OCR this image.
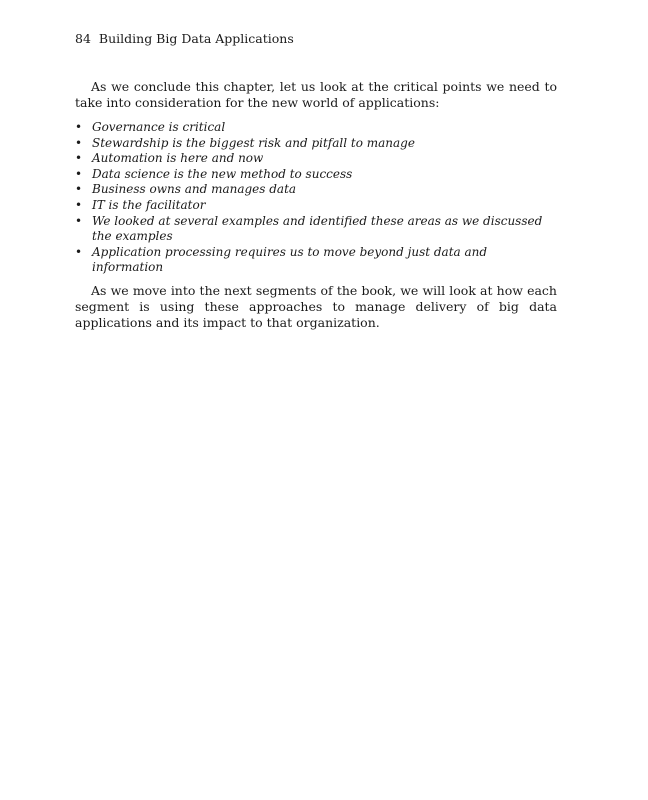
84 Building Big Data Applications

As we conclude this chapter, let us look at the critical points we need to take into consideration for the new world of applications:

• Governance is critical
• Stewardship is the biggest risk and pitfall to manage
• Automation is here and now
• Data science is the new method to success
• Business owns and manages data
• IT is the facilitator
• We looked at several examples and identified these areas as we discussed the examples
• Application processing requires us to move beyond just data and information

As we move into the next segments of the book, we will look at how each segment is using these approaches to manage delivery of big data applications and its impact to that organization.
